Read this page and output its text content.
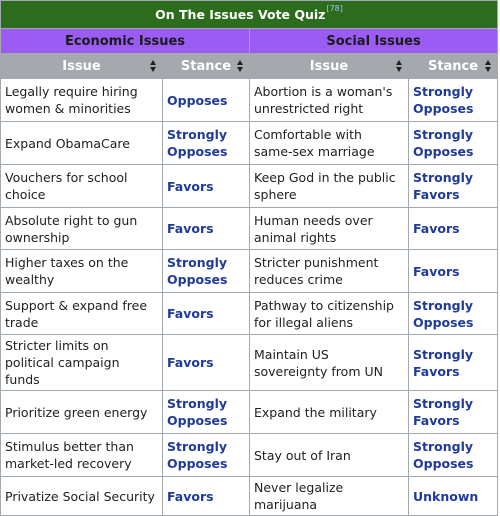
On The Issues Vote Quiz[78]
Economic Issues		Social Issues	
Issue	Stance	Issue	Stance

Legally require hiring women & minorities	Opposes	Abortion is a woman's unrestricted right	Strongly Opposes
Expand ObamaCare	Strongly Opposes	Comfortable with same-sex marriage	Strongly Opposes
Vouchers for school choice	Favors	Keep God in the public sphere	Strongly Favors
Absolute right to gun ownership	Favors	Human needs over animal rights	Favors
Higher taxes on the wealthy	Strongly Opposes	Stricter punishment reduces crime	Favors
Support & expand free trade	Favors	Pathway to citizenship for illegal aliens	Strongly Opposes
Stricter limits on political campaign funds	Favors	Maintain US sovereignty from UN	Strongly Favors
Prioritize green energy	Strongly Opposes	Expand the military	Strongly Favors
Stimulus better than market-led recovery	Strongly Opposes	Stay out of Iran	Strongly Opposes
Privatize Social Security	Favors	Never legalize marijuana	Unknown
